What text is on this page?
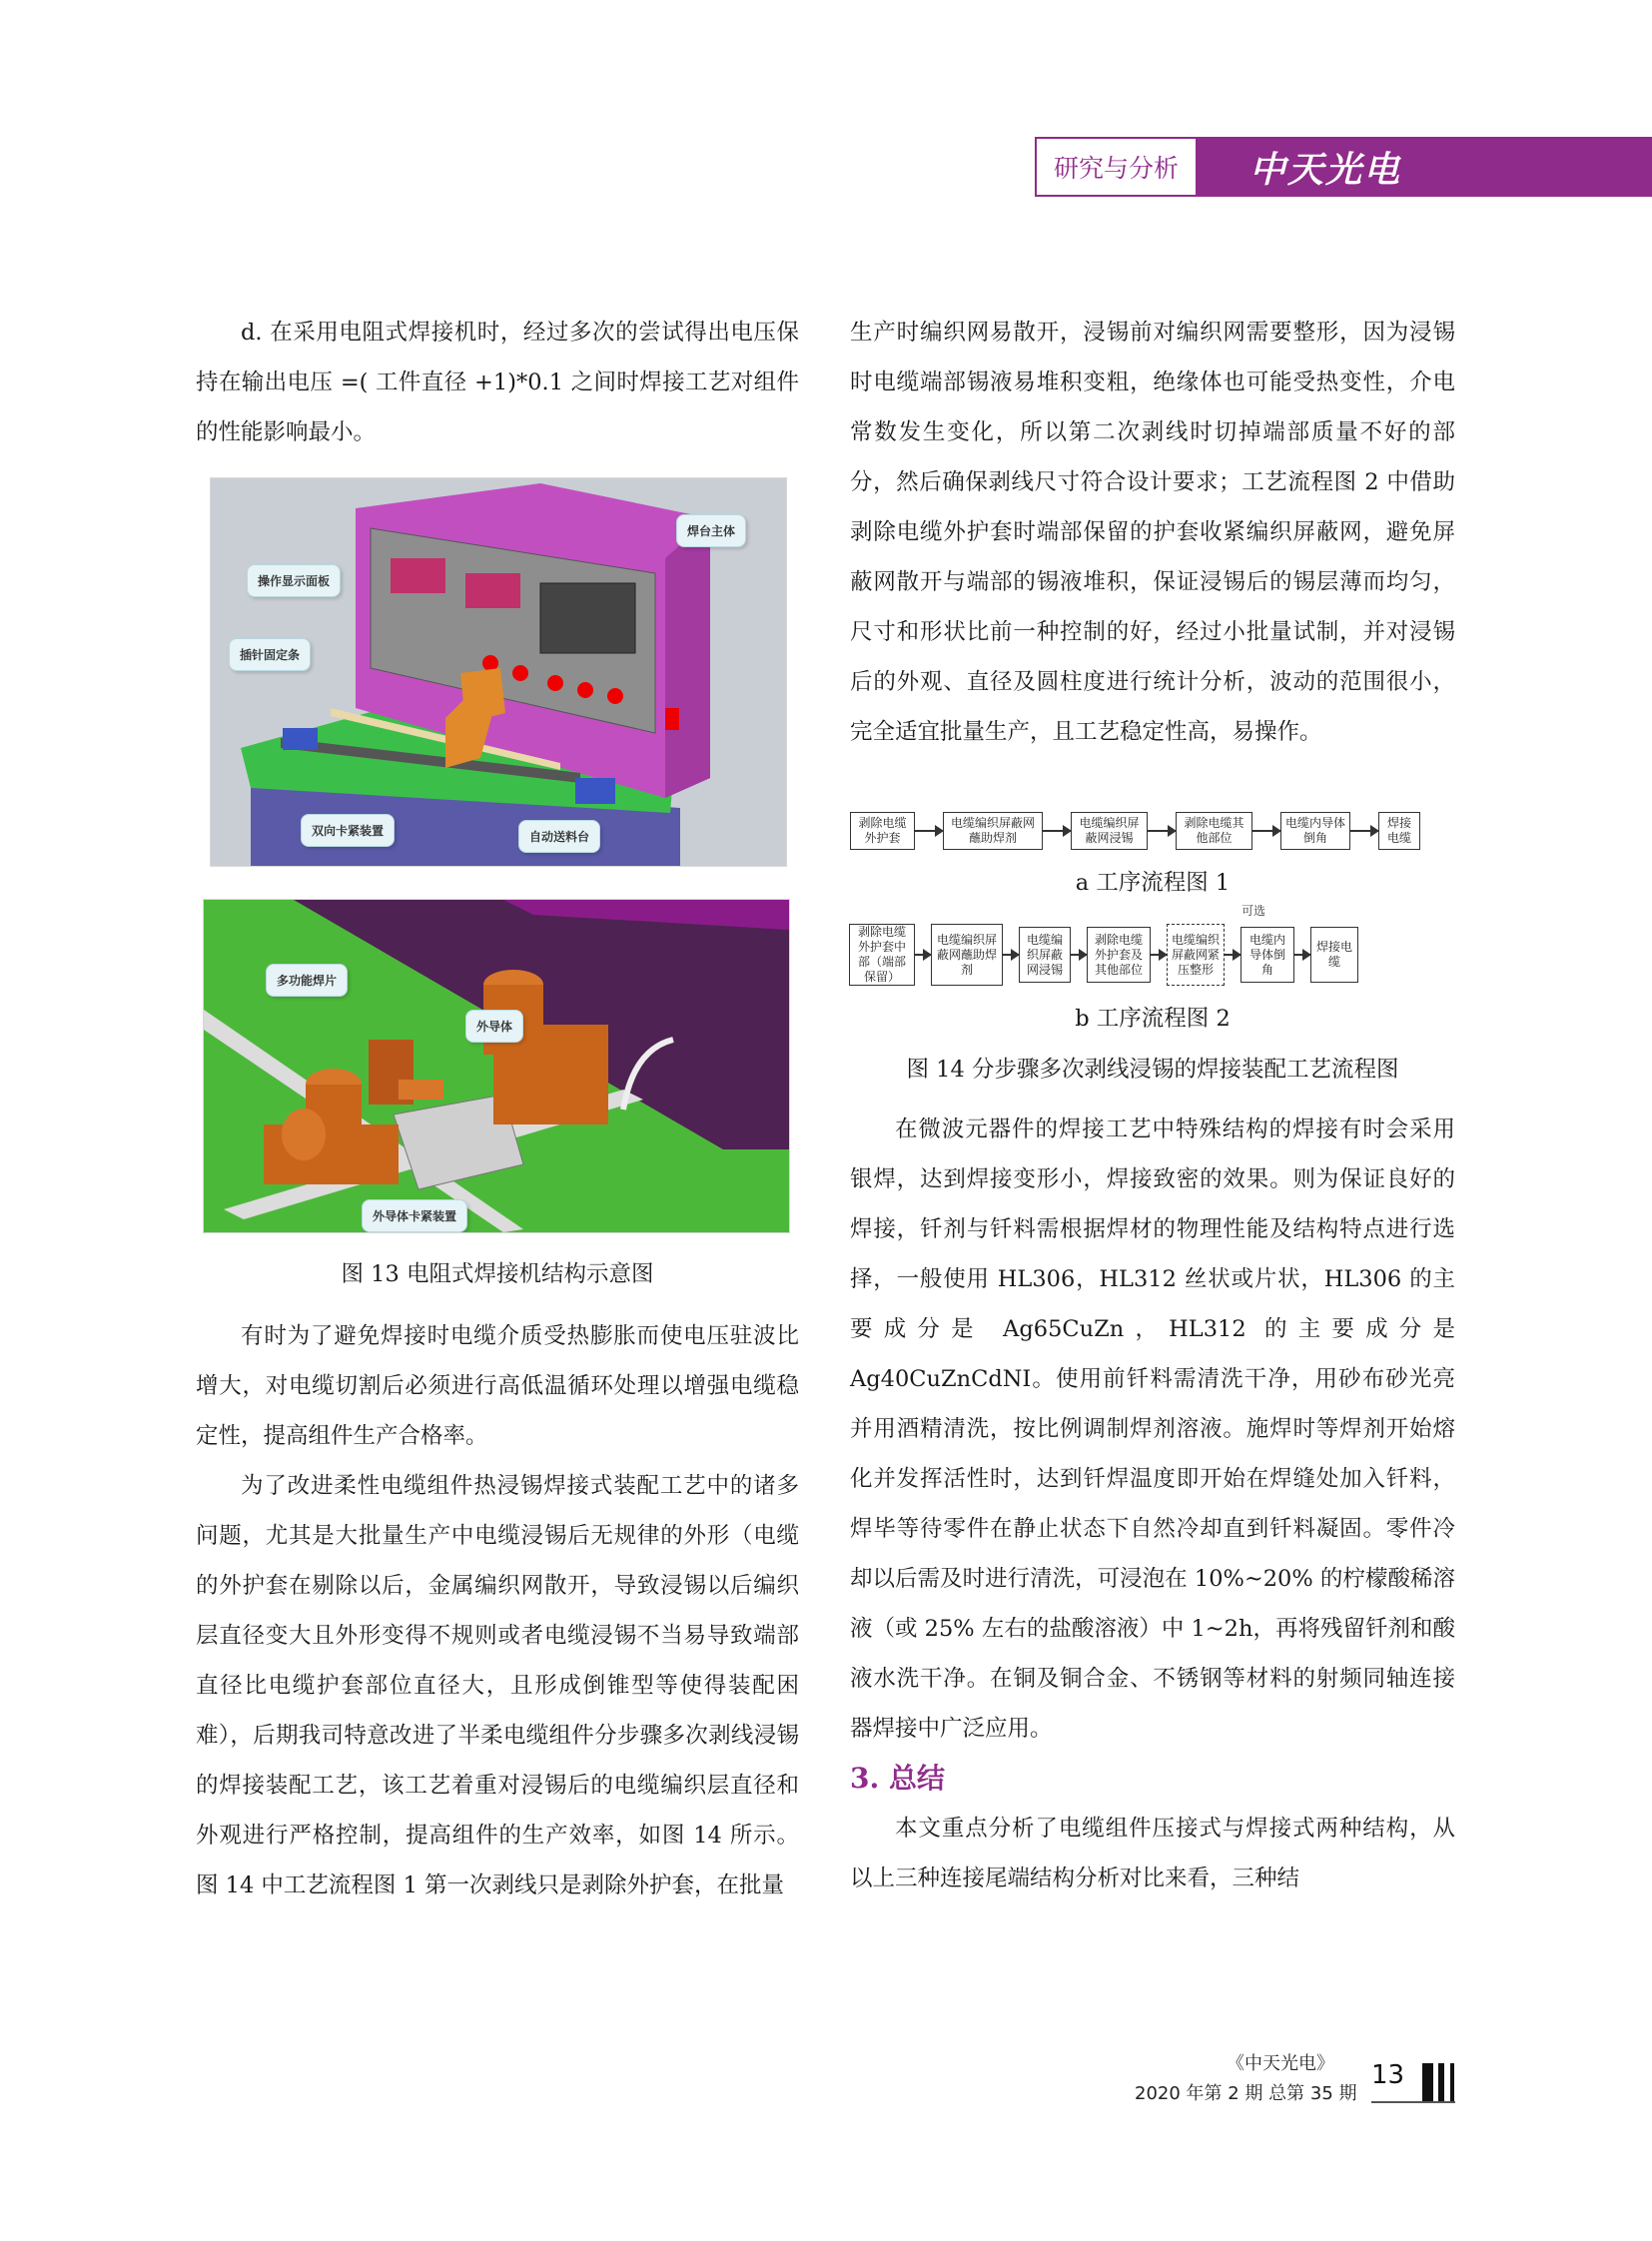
研究与分析	中天光电

d. 在采用电阻式焊接机时，经过多次的尝试得出电压保持在输出电压 =( 工件直径 +1)*0.1 之间时焊接工艺对组件的性能影响最小。

焊台主体
操作显示面板
插针固定条
双向卡紧装置	自动送料台
多功能焊片
外导体
外导体卡紧装置
图 13 电阻式焊接机结构示意图

有时为了避免焊接时电缆介质受热膨胀而使电压驻波比增大，对电缆切割后必须进行高低温循环处理以增强电缆稳定性，提高组件生产合格率。

为了改进柔性电缆组件热浸锡焊接式装配工艺中的诸多问题，尤其是大批量生产中电缆浸锡后无规律的外形（电缆的外护套在剔除以后，金属编织网散开，导致浸锡以后编织层直径变大且外形变得不规则或者电缆浸锡不当易导致端部直径比电缆护套部位直径大，且形成倒锥型等使得装配困难），后期我司特意改进了半柔电缆组件分步骤多次剥线浸锡的焊接装配工艺，该工艺着重对浸锡后的电缆编织层直径和外观进行严格控制，提高组件的生产效率，如图 14 所示。图 14 中工艺流程图 1 第一次剥线只是剥除外护套，在批量

生产时编织网易散开，浸锡前对编织网需要整形，因为浸锡时电缆端部锡液易堆积变粗，绝缘体也可能受热变性，介电常数发生变化，所以第二次剥线时切掉端部质量不好的部分，然后确保剥线尺寸符合设计要求；工艺流程图 2 中借助剥除电缆外护套时端部保留的护套收紧编织屏蔽网，避免屏蔽网散开与端部的锡液堆积，保证浸锡后的锡层薄而均匀，尺寸和形状比前一种控制的好，经过小批量试制，并对浸锡后的外观、直径及圆柱度进行统计分析，波动的范围很小，完全适宜批量生产，且工艺稳定性高，易操作。

剥除电缆外护套
电缆编织屏蔽网蘸助焊剂
电缆编织屏蔽网浸锡
剥除电缆其他部位
电缆内导体倒角
焊接电缆
a 工序流程图 1
可选
剥除电缆外护套中部（端部保留）
电缆编织屏蔽网蘸助焊剂
电缆编织屏蔽网浸锡
剥除电缆外护套及其他部位
电缆编织屏蔽网紧压整形
电缆内导体倒角
焊接电缆
b 工序流程图 2
图 14 分步骤多次剥线浸锡的焊接装配工艺流程图

在微波元器件的焊接工艺中特殊结构的焊接有时会采用银焊，达到焊接变形小，焊接致密的效果。则为保证良好的焊接，钎剂与钎料需根据焊材的物理性能及结构特点进行选择，一般使用 HL306，HL312 丝状或片状，HL306 的主要成分是 Ag65CuZn，HL312 的主要成分是 Ag40CuZnCdNI。使用前钎料需清洗干净，用砂布砂光亮并用酒精清洗，按比例调制焊剂溶液。施焊时等焊剂开始熔化并发挥活性时，达到钎焊温度即开始在焊缝处加入钎料，焊毕等待零件在静止状态下自然冷却直到钎料凝固。零件冷却以后需及时进行清洗，可浸泡在 10%~20% 的柠檬酸稀溶液（或 25% 左右的盐酸溶液）中 1~2h，再将残留钎剂和酸液水洗干净。在铜及铜合金、不锈钢等材料的射频同轴连接器焊接中广泛应用。

3. 总结

本文重点分析了电缆组件压接式与焊接式两种结构，从以上三种连接尾端结构分析对比来看，三种结

《中天光电》
2020 年第 2 期 总第 35 期
13
